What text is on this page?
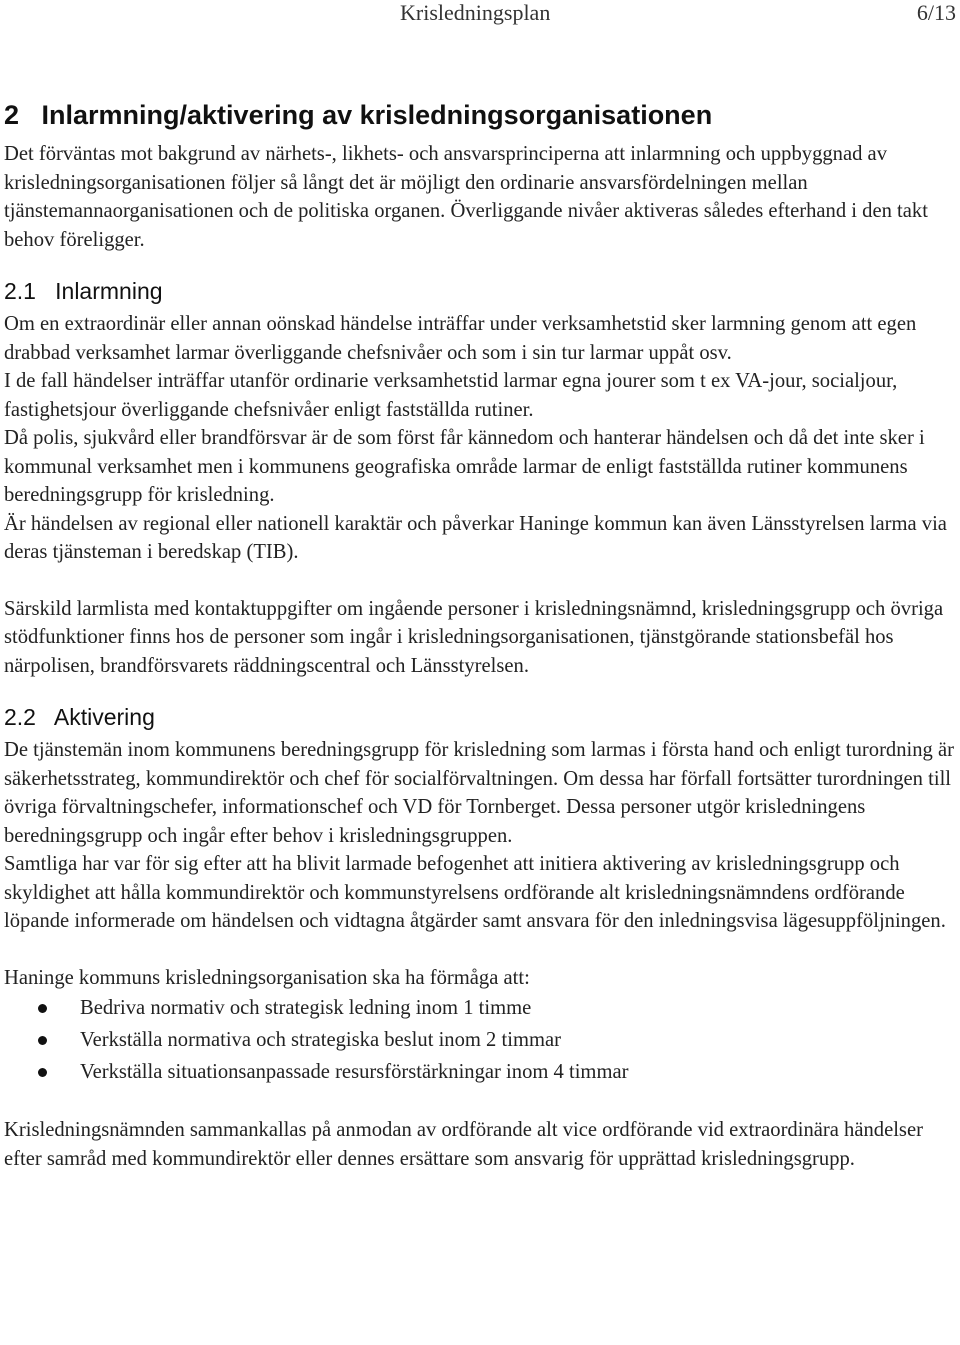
Krisledningsplan	6/13
2   Inlarmning/aktivering av krisledningsorganisationen

Det förväntas mot bakgrund av närhets-, likhets- och ansvarsprinciperna att inlarmning och uppbyggnad av krisledningsorganisationen följer så långt det är möjligt den ordinarie ansvarsfördelningen mellan tjänstemannaorganisationen och de politiska organen. Överliggande nivåer aktiveras således efterhand i den takt behov föreligger.

2.1   Inlarmning

Om en extraordinär eller annan oönskad händelse inträffar under verksamhetstid sker larmning genom att egen drabbad verksamhet larmar överliggande chefsnivåer och som i sin tur larmar uppåt osv.

I de fall händelser inträffar utanför ordinarie verksamhetstid larmar egna jourer som t ex VA-jour, socialjour, fastighetsjour överliggande chefsnivåer enligt fastställda rutiner.

Då polis, sjukvård eller brandförsvar är de som först får kännedom och hanterar händelsen och då det inte sker i kommunal verksamhet men i kommunens geografiska område larmar de enligt fastställda rutiner kommunens beredningsgrupp för krisledning.

Är händelsen av regional eller nationell karaktär och påverkar Haninge kommun kan även Länsstyrelsen larma via deras tjänsteman i beredskap (TIB).

Särskild larmlista med kontaktuppgifter om ingående personer i krisledningsnämnd, krisledningsgrupp och övriga stödfunktioner finns hos de personer som ingår i krisledningsorganisationen, tjänstgörande stationsbefäl hos närpolisen, brandförsvarets räddningscentral och Länsstyrelsen.

2.2   Aktivering

De tjänstemän inom kommunens beredningsgrupp för krisledning som larmas i första hand och enligt turordning är säkerhetsstrateg, kommundirektör och chef för socialförvaltningen. Om dessa har förfall fortsätter turordningen till övriga förvaltningschefer, informationschef och VD för Tornberget. Dessa personer utgör krisledningens beredningsgrupp och ingår efter behov i krisledningsgruppen.

Samtliga har var för sig efter att ha blivit larmade befogenhet att initiera aktivering av krisledningsgrupp och skyldighet att hålla kommundirektör och kommunstyrelsens ordförande alt krisledningsnämndens ordförande löpande informerade om händelsen och vidtagna åtgärder samt ansvara för den inledningsvisa lägesuppföljningen.

Haninge kommuns krisledningsorganisation ska ha förmåga att:

Bedriva normativ och strategisk ledning inom 1 timme
Verkställa normativa och strategiska beslut inom 2 timmar
Verkställa situationsanpassade resursförstärkningar inom 4 timmar

Krisledningsnämnden sammankallas på anmodan av ordförande alt vice ordförande vid extraordinära händelser efter samråd med kommundirektör eller dennes ersättare som ansvarig för upprättad krisledningsgrupp.
